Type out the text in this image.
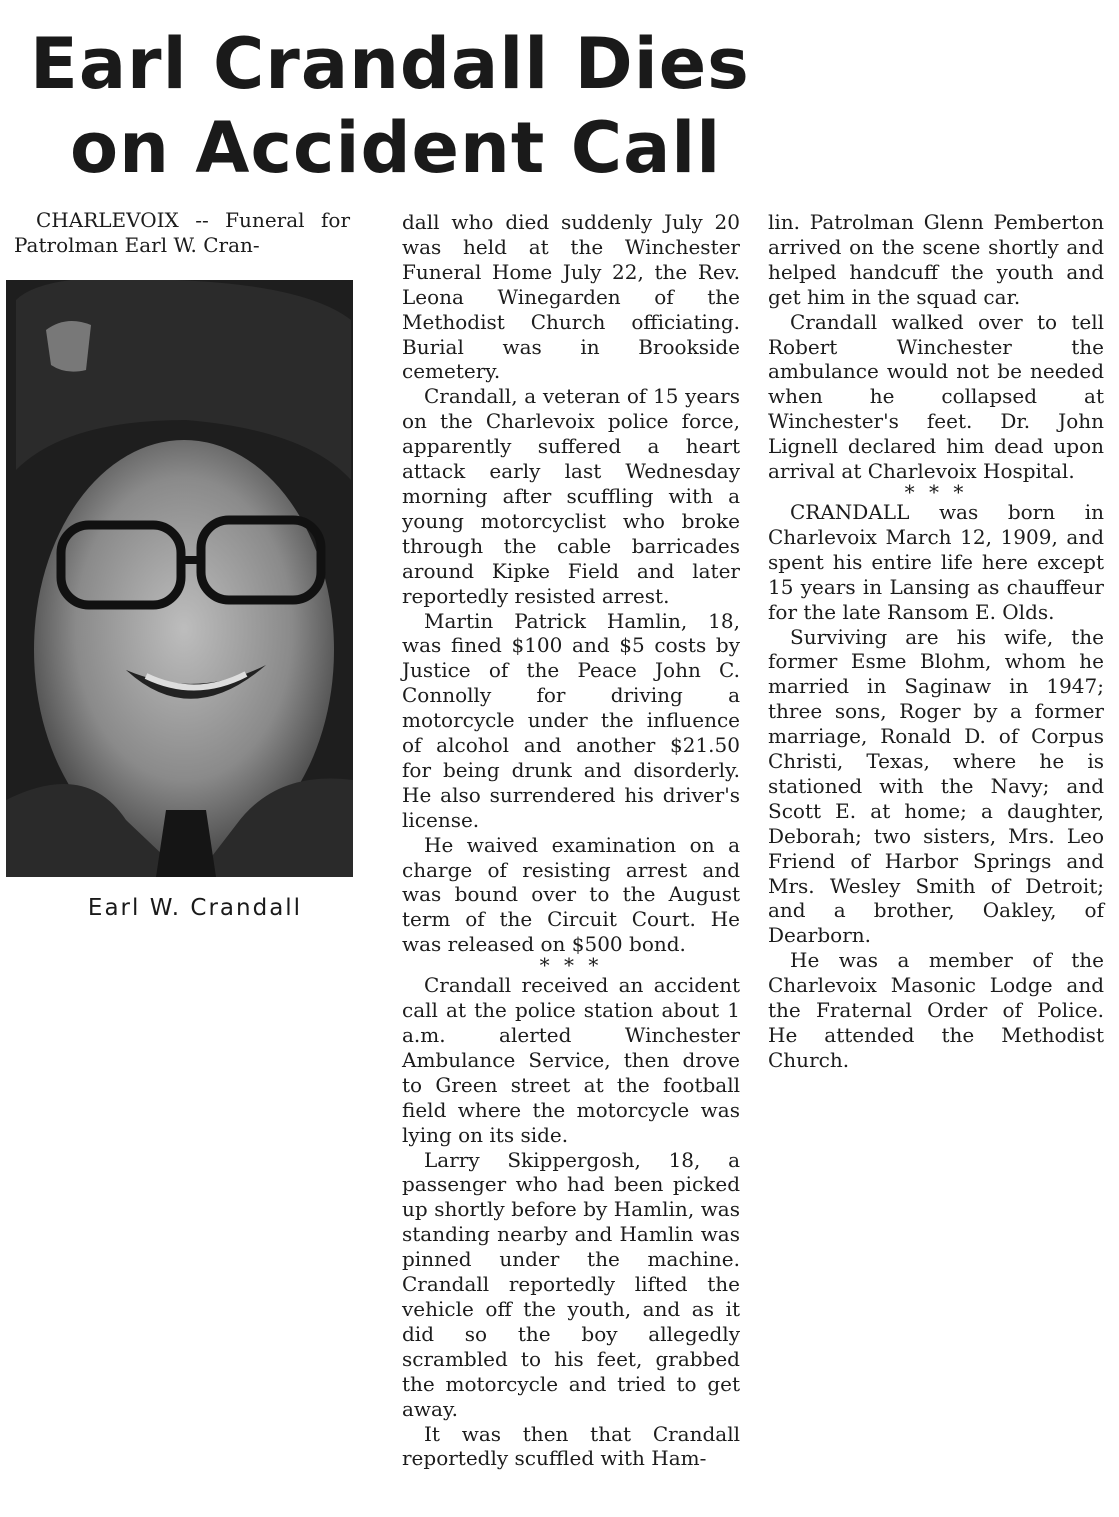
Earl Crandall Dies
on Accident Call

CHARLEVOIX -- Funeral for Patrolman Earl W. Cran-

Earl W. Crandall

dall who died suddenly July 20 was held at the Winchester Funeral Home July 22, the Rev. Leona Winegarden of the Methodist Church officiating. Burial was in Brookside cemetery.

Crandall, a veteran of 15 years on the Charlevoix police force, apparently suffered a heart attack early last Wednesday morning after scuffling with a young motorcyclist who broke through the cable barricades around Kipke Field and later reportedly resisted arrest.

Martin Patrick Hamlin, 18, was fined $100 and $5 costs by Justice of the Peace John C. Connolly for driving a motorcycle under the influence of alcohol and another $21.50 for being drunk and disorderly. He also surrendered his driver's license.

He waived examination on a charge of resisting arrest and was bound over to the August term of the Circuit Court. He was released on $500 bond.

* * *

Crandall received an accident call at the police station about 1 a.m. alerted Winchester Ambulance Service, then drove to Green street at the football field where the motorcycle was lying on its side.

Larry Skippergosh, 18, a passenger who had been picked up shortly before by Hamlin, was standing nearby and Hamlin was pinned under the machine. Crandall reportedly lifted the vehicle off the youth, and as it did so the boy allegedly scrambled to his feet, grabbed the motorcycle and tried to get away.

It was then that Crandall reportedly scuffled with Ham-

lin. Patrolman Glenn Pemberton arrived on the scene shortly and helped handcuff the youth and get him in the squad car.

Crandall walked over to tell Robert Winchester the ambulance would not be needed when he collapsed at Winchester's feet. Dr. John Lignell declared him dead upon arrival at Charlevoix Hospital.

* * *

CRANDALL was born in Charlevoix March 12, 1909, and spent his entire life here except 15 years in Lansing as chauffeur for the late Ransom E. Olds.

Surviving are his wife, the former Esme Blohm, whom he married in Saginaw in 1947; three sons, Roger by a former marriage, Ronald D. of Corpus Christi, Texas, where he is stationed with the Navy; and Scott E. at home; a daughter, Deborah; two sisters, Mrs. Leo Friend of Harbor Springs and Mrs. Wesley Smith of Detroit; and a brother, Oakley, of Dearborn.

He was a member of the Charlevoix Masonic Lodge and the Fraternal Order of Police. He attended the Methodist Church.
